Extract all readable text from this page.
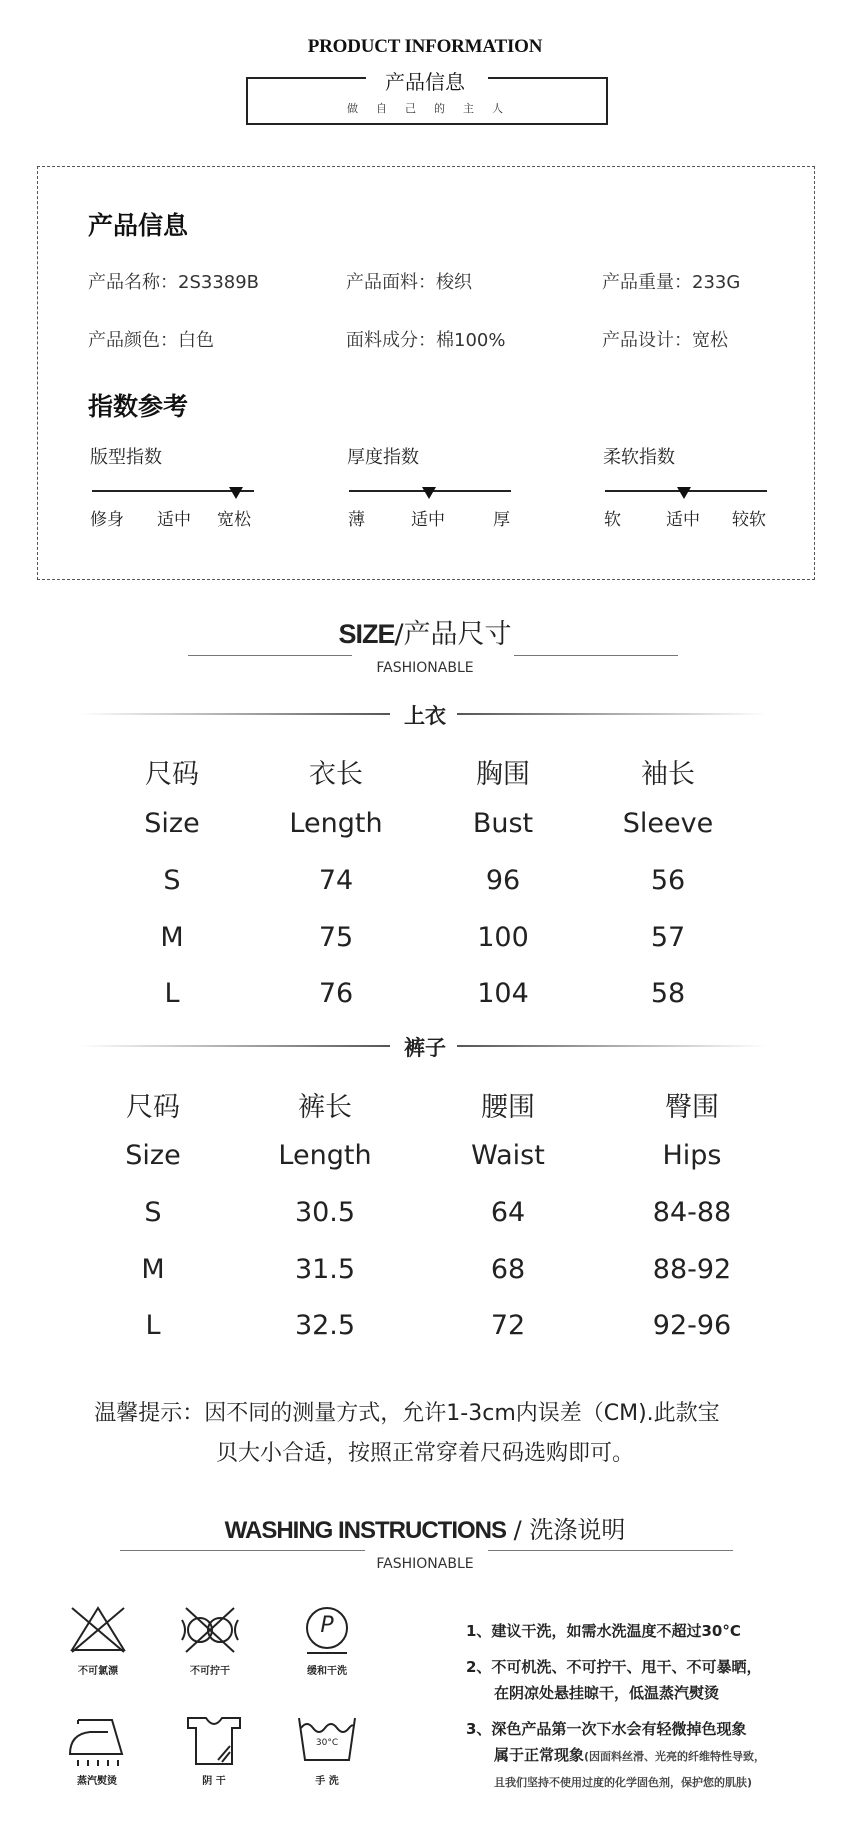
PRODUCT INFORMATION
产品信息
做自己的主人
产品信息
产品名称：2S3389B	产品面料：梭织	产品重量：233G
产品颜色：白色	面料成分：棉100%	产品设计：宽松
指数参考
版型指数
修身 适中 宽松
厚度指数
薄	适中	厚
柔软指数
软	适中 较软
SIZE/产品尺寸
FASHIONABLE
上衣
尺码	衣长	胸围	袖长
Size	Length	Bust	Sleeve
S	74	96	56
M	75	100	57
L	76	104	58
裤子
尺码	裤长	腰围	臀围
Size	Length	Waist	Hips
S	30.5	64	84-88
M	31.5	68	88-92
L	32.5	72	92-96
温馨提示：因不同的测量方式，允许1-3cm内误差（CM).此款宝
贝大小合适，按照正常穿着尺码选购即可。
WASHING INSTRUCTIONS / 洗涤说明
FASHIONABLE
不可氯漂	不可拧干
P
缓和干洗
蒸汽熨烫	阴 干
30°C
手 洗
1、建议干洗，如需水洗温度不超过30°C
2、不可机洗、不可拧干、甩干、不可暴晒，
在阴凉处悬挂晾干，低温蒸汽熨烫
3、深色产品第一次下水会有轻微掉色现象
属于正常现象(因面料丝滑、光亮的纤维特性导致，
且我们坚持不使用过度的化学固色剂，保护您的肌肤)
